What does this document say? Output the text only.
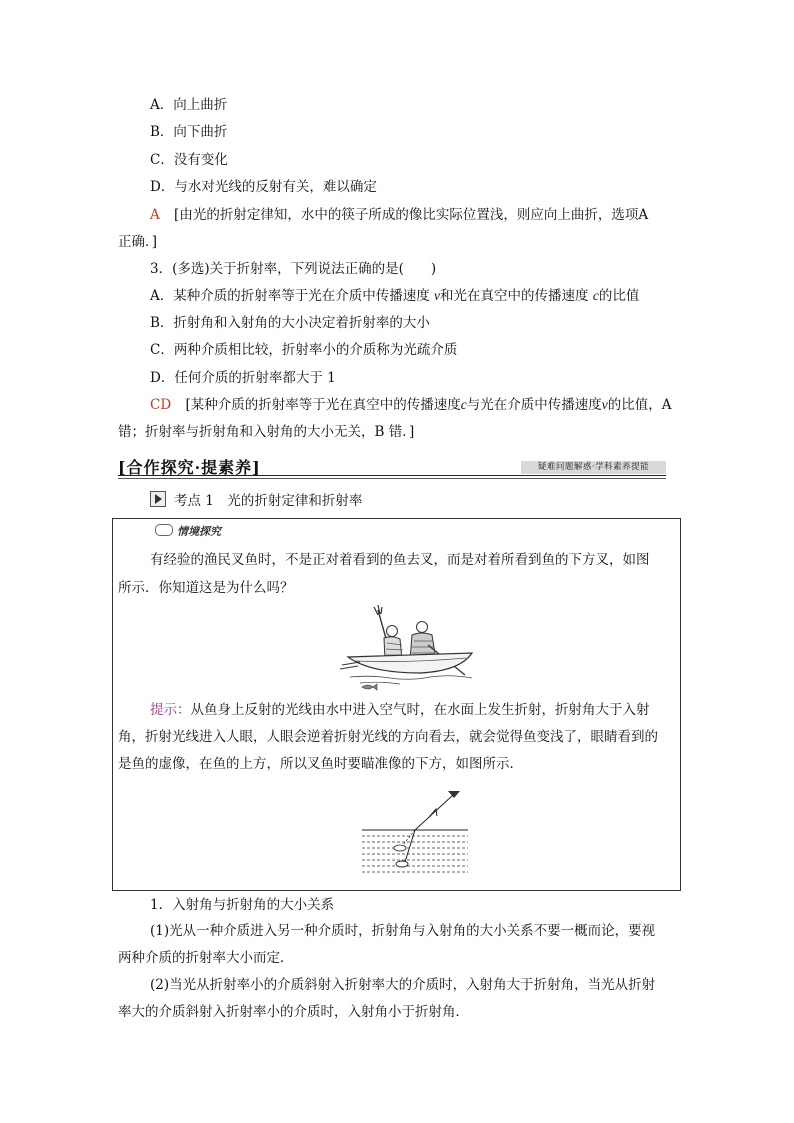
A．向上曲折
B．向下曲折
C．没有变化
D．与水对光线的反射有关，难以确定
A [由光的折射定律知，水中的筷子所成的像比实际位置浅，则应向上曲折，选项A
正确．]
3．(多选)关于折射率，下列说法正确的是(　　)
A．某种介质的折射率等于光在介质中传播速度 v和光在真空中的传播速度 c的比值
B．折射角和入射角的大小决定着折射率的大小
C．两种介质相比较，折射率小的介质称为光疏介质
D．任何介质的折射率都大于 1
CD [某种介质的折射率等于光在真空中的传播速度c与光在介质中传播速度v的比值，A
错；折射率与折射角和入射角的大小无关，B 错．]
[合作探究·提素养]	疑难问题解惑·学科素养提能
考点 1　光的折射定律和折射率
情境探究
有经验的渔民叉鱼时，不是正对着看到的鱼去叉，而是对着所看到鱼的下方叉，如图
所示．你知道这是为什么吗？
提示：从鱼身上反射的光线由水中进入空气时，在水面上发生折射，折射角大于入射
角，折射光线进入人眼，人眼会逆着折射光线的方向看去，就会觉得鱼变浅了，眼睛看到的
是鱼的虚像，在鱼的上方，所以叉鱼时要瞄准像的下方，如图所示．
1．入射角与折射角的大小关系
(1)光从一种介质进入另一种介质时，折射角与入射角的大小关系不要一概而论，要视
两种介质的折射率大小而定．
(2)当光从折射率小的介质斜射入折射率大的介质时，入射角大于折射角，当光从折射
率大的介质斜射入折射率小的介质时，入射角小于折射角．
